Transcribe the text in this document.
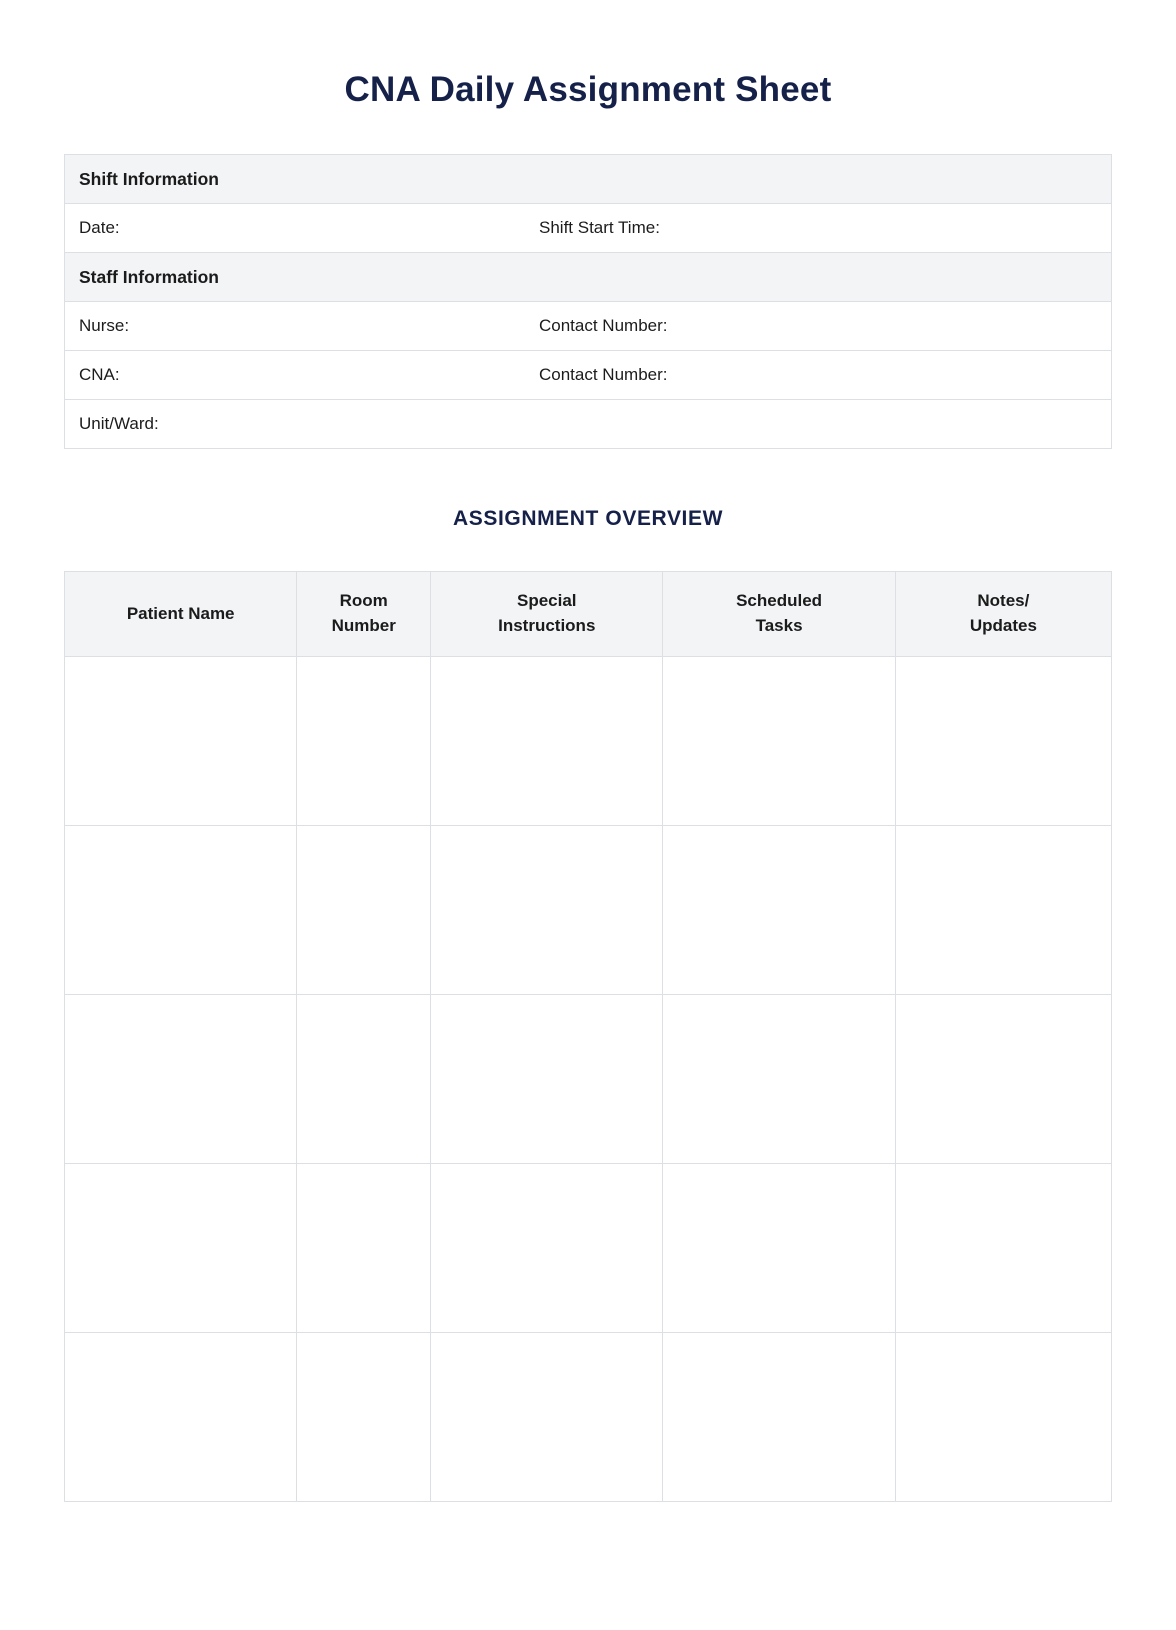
CNA Daily Assignment Sheet
Shift Information

Date:	Shift Start Time:

Staff Information

Nurse:	Contact Number:

CNA:	Contact Number:

Unit/Ward:
ASSIGNMENT OVERVIEW
Patient Name

Room
Number

Special
Instructions

Scheduled
Tasks

Notes/
Updates
